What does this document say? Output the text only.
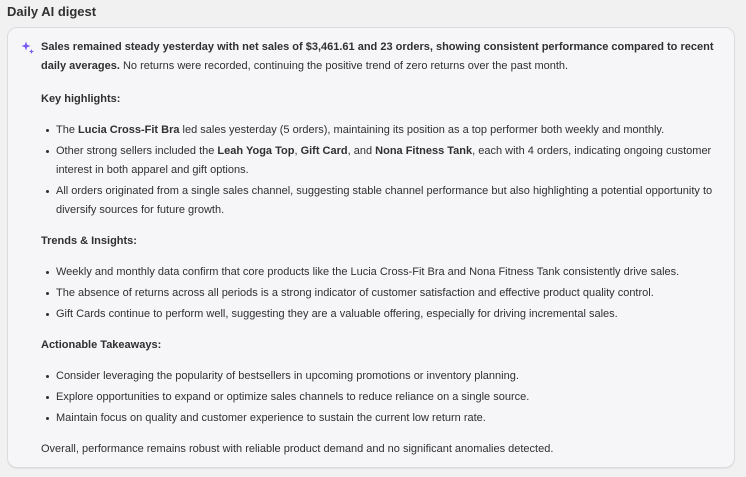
Daily AI digest

Sales remained steady yesterday with net sales of $3,461.61 and 23 orders, showing consistent performance compared to recent daily averages. No returns were recorded, continuing the positive trend of zero returns over the past month.

Key highlights:

The Lucia Cross-Fit Bra led sales yesterday (5 orders), maintaining its position as a top performer both weekly and monthly.
Other strong sellers included the Leah Yoga Top, Gift Card, and Nona Fitness Tank, each with 4 orders, indicating ongoing customer interest in both apparel and gift options.
All orders originated from a single sales channel, suggesting stable channel performance but also highlighting a potential opportunity to diversify sources for future growth.

Trends & Insights:

Weekly and monthly data confirm that core products like the Lucia Cross-Fit Bra and Nona Fitness Tank consistently drive sales.
The absence of returns across all periods is a strong indicator of customer satisfaction and effective product quality control.
Gift Cards continue to perform well, suggesting they are a valuable offering, especially for driving incremental sales.

Actionable Takeaways:

Consider leveraging the popularity of bestsellers in upcoming promotions or inventory planning.
Explore opportunities to expand or optimize sales channels to reduce reliance on a single source.
Maintain focus on quality and customer experience to sustain the current low return rate.

Overall, performance remains robust with reliable product demand and no significant anomalies detected.
